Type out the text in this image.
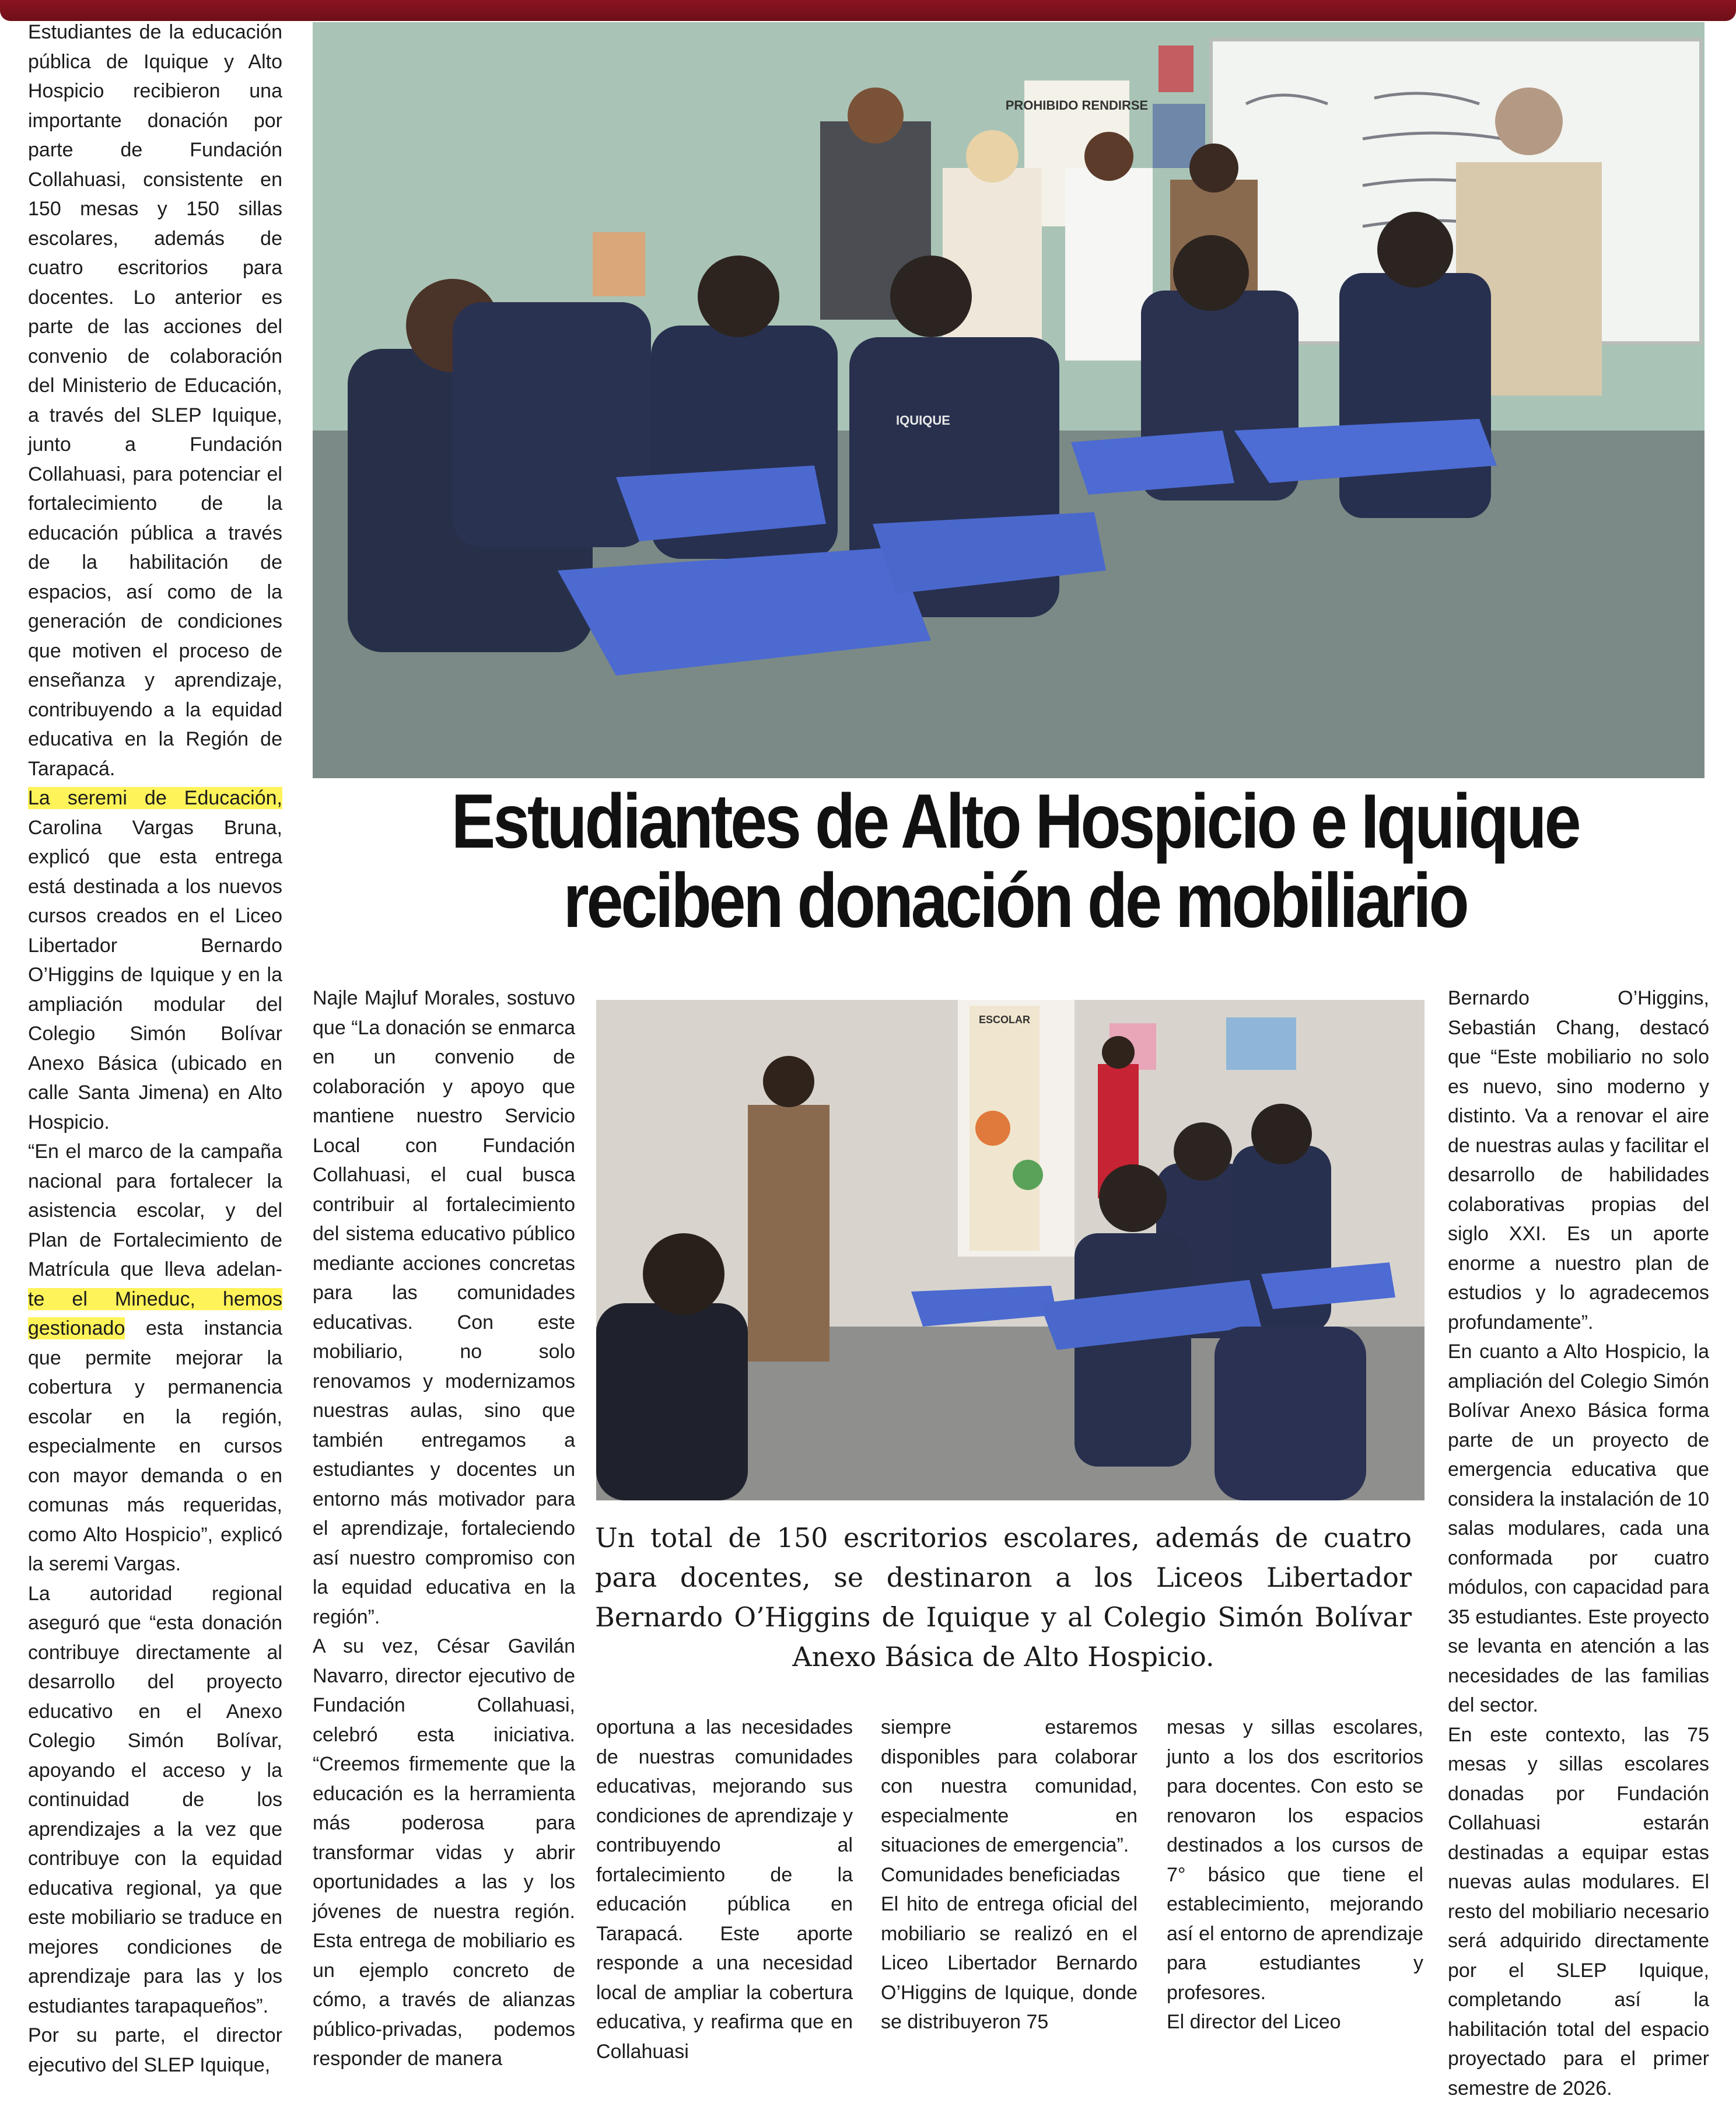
Estudiantes de la educación pública de Iquique y Alto Hospicio recibieron una importante donación por parte de Fundación Collahuasi, consistente en 150 mesas y 150 sillas escolares, además de cuatro escritorios para docentes. Lo anterior es parte de las acciones del convenio de colaboración del Ministerio de Educación, a través del SLEP Iquique, junto a Fundación Collahuasi, para potenciar el fortalecimiento de la educación pública a través de la habilitación de espacios, así como de la generación de condiciones que motiven el proceso de enseñanza y aprendizaje, contribuyendo a la equidad educativa en la Región de Tarapacá.

La seremi de Educación, Carolina Vargas Bruna, explicó que esta entrega está destinada a los nuevos cursos creados en el Liceo Libertador Bernardo O’Higgins de Iquique y en la ampliación modular del Colegio Simón Bolívar Anexo Básica (ubicado en calle Santa Jimena) en Alto Hospicio.

“En el marco de la campaña nacional para fortalecer la asistencia escolar, y del Plan de Fortalecimiento de Matrícula que lleva adelan-te el Mineduc, hemos gestionado esta instancia que permite mejorar la cobertura y permanencia escolar en la región, especialmente en cursos con mayor demanda o en comunas más requeridas, como Alto Hospicio”, explicó la seremi Vargas.

La autoridad regional aseguró que “esta donación contribuye directamente al desarrollo del proyecto educativo en el Anexo Colegio Simón Bolívar, apoyando el acceso y la continuidad de los aprendizajes a la vez que contribuye con la equidad educativa regional, ya que este mobiliario se traduce en mejores condiciones de aprendizaje para las y los estudiantes tarapaqueños”.

Por su parte, el director ejecutivo del SLEP Iquique,

PROHIBIDO RENDIRSE
IQUIQUE
Estudiantes de Alto Hospicio e Iquique
reciben donación de mobiliario

Najle Majluf Morales, sostuvo que “La donación se enmarca en un convenio de colaboración y apoyo que mantiene nuestro Servicio Local con Fundación Collahuasi, el cual busca contribuir al fortalecimiento del sistema educativo público mediante acciones concretas para las comunidades educativas. Con este mobiliario, no solo renovamos y modernizamos nuestras aulas, sino que también entregamos a estudiantes y docentes un entorno más motivador para el aprendizaje, fortaleciendo así nuestro compromiso con la equidad educativa en la región”.

A su vez, César Gavilán Navarro, director ejecutivo de Fundación Collahuasi, celebró esta iniciativa. “Creemos firmemente que la educación es la herramienta más poderosa para transformar vidas y abrir oportunidades a las y los jóvenes de nuestra región. Esta entrega de mobiliario es un ejemplo concreto de cómo, a través de alianzas público-privadas, podemos responder de manera

ESCOLAR
Un total de 150 escritorios escolares, además de cuatro
para docentes, se destinaron a los Liceos Libertador
Bernardo O’Higgins de Iquique y al Colegio Simón Bolívar
Anexo Básica de Alto Hospicio.

oportuna a las necesidades de nuestras comunidades educativas, mejorando sus condiciones de aprendizaje y contribuyendo al fortalecimiento de la educación pública en Tarapacá. Este aporte responde a una necesidad local de ampliar la cobertura educativa, y reafirma que en Collahuasi

siempre estaremos disponibles para colaborar con nuestra comunidad, especialmente en situaciones de emergencia”.

Comunidades beneficiadas

El hito de entrega oficial del mobiliario se realizó en el Liceo Libertador Bernardo O’Higgins de Iquique, donde se distribuyeron 75

mesas y sillas escolares, junto a los dos escritorios para docentes. Con esto se renovaron los espacios destinados a los cursos de 7° básico que tiene el establecimiento, mejorando así el entorno de aprendizaje para estudiantes y profesores.

El director del Liceo

Bernardo O’Higgins, Sebastián Chang, destacó que “Este mobiliario no solo es nuevo, sino moderno y distinto. Va a renovar el aire de nuestras aulas y facilitar el desarrollo de habilidades colaborativas propias del siglo XXI. Es un aporte enorme a nuestro plan de estudios y lo agradecemos profundamente”.

En cuanto a Alto Hospicio, la ampliación del Colegio Simón Bolívar Anexo Básica forma parte de un proyecto de emergencia educativa que considera la instalación de 10 salas modulares, cada una conformada por cuatro módulos, con capacidad para 35 estudiantes. Este proyecto se levanta en atención a las necesidades de las familias del sector.

En este contexto, las 75 mesas y sillas escolares donadas por Fundación Collahuasi estarán destinadas a equipar estas nuevas aulas modulares. El resto del mobiliario necesario será adquirido directamente por el SLEP Iquique, completando así la habilitación total del espacio proyectado para el primer semestre de 2026.
